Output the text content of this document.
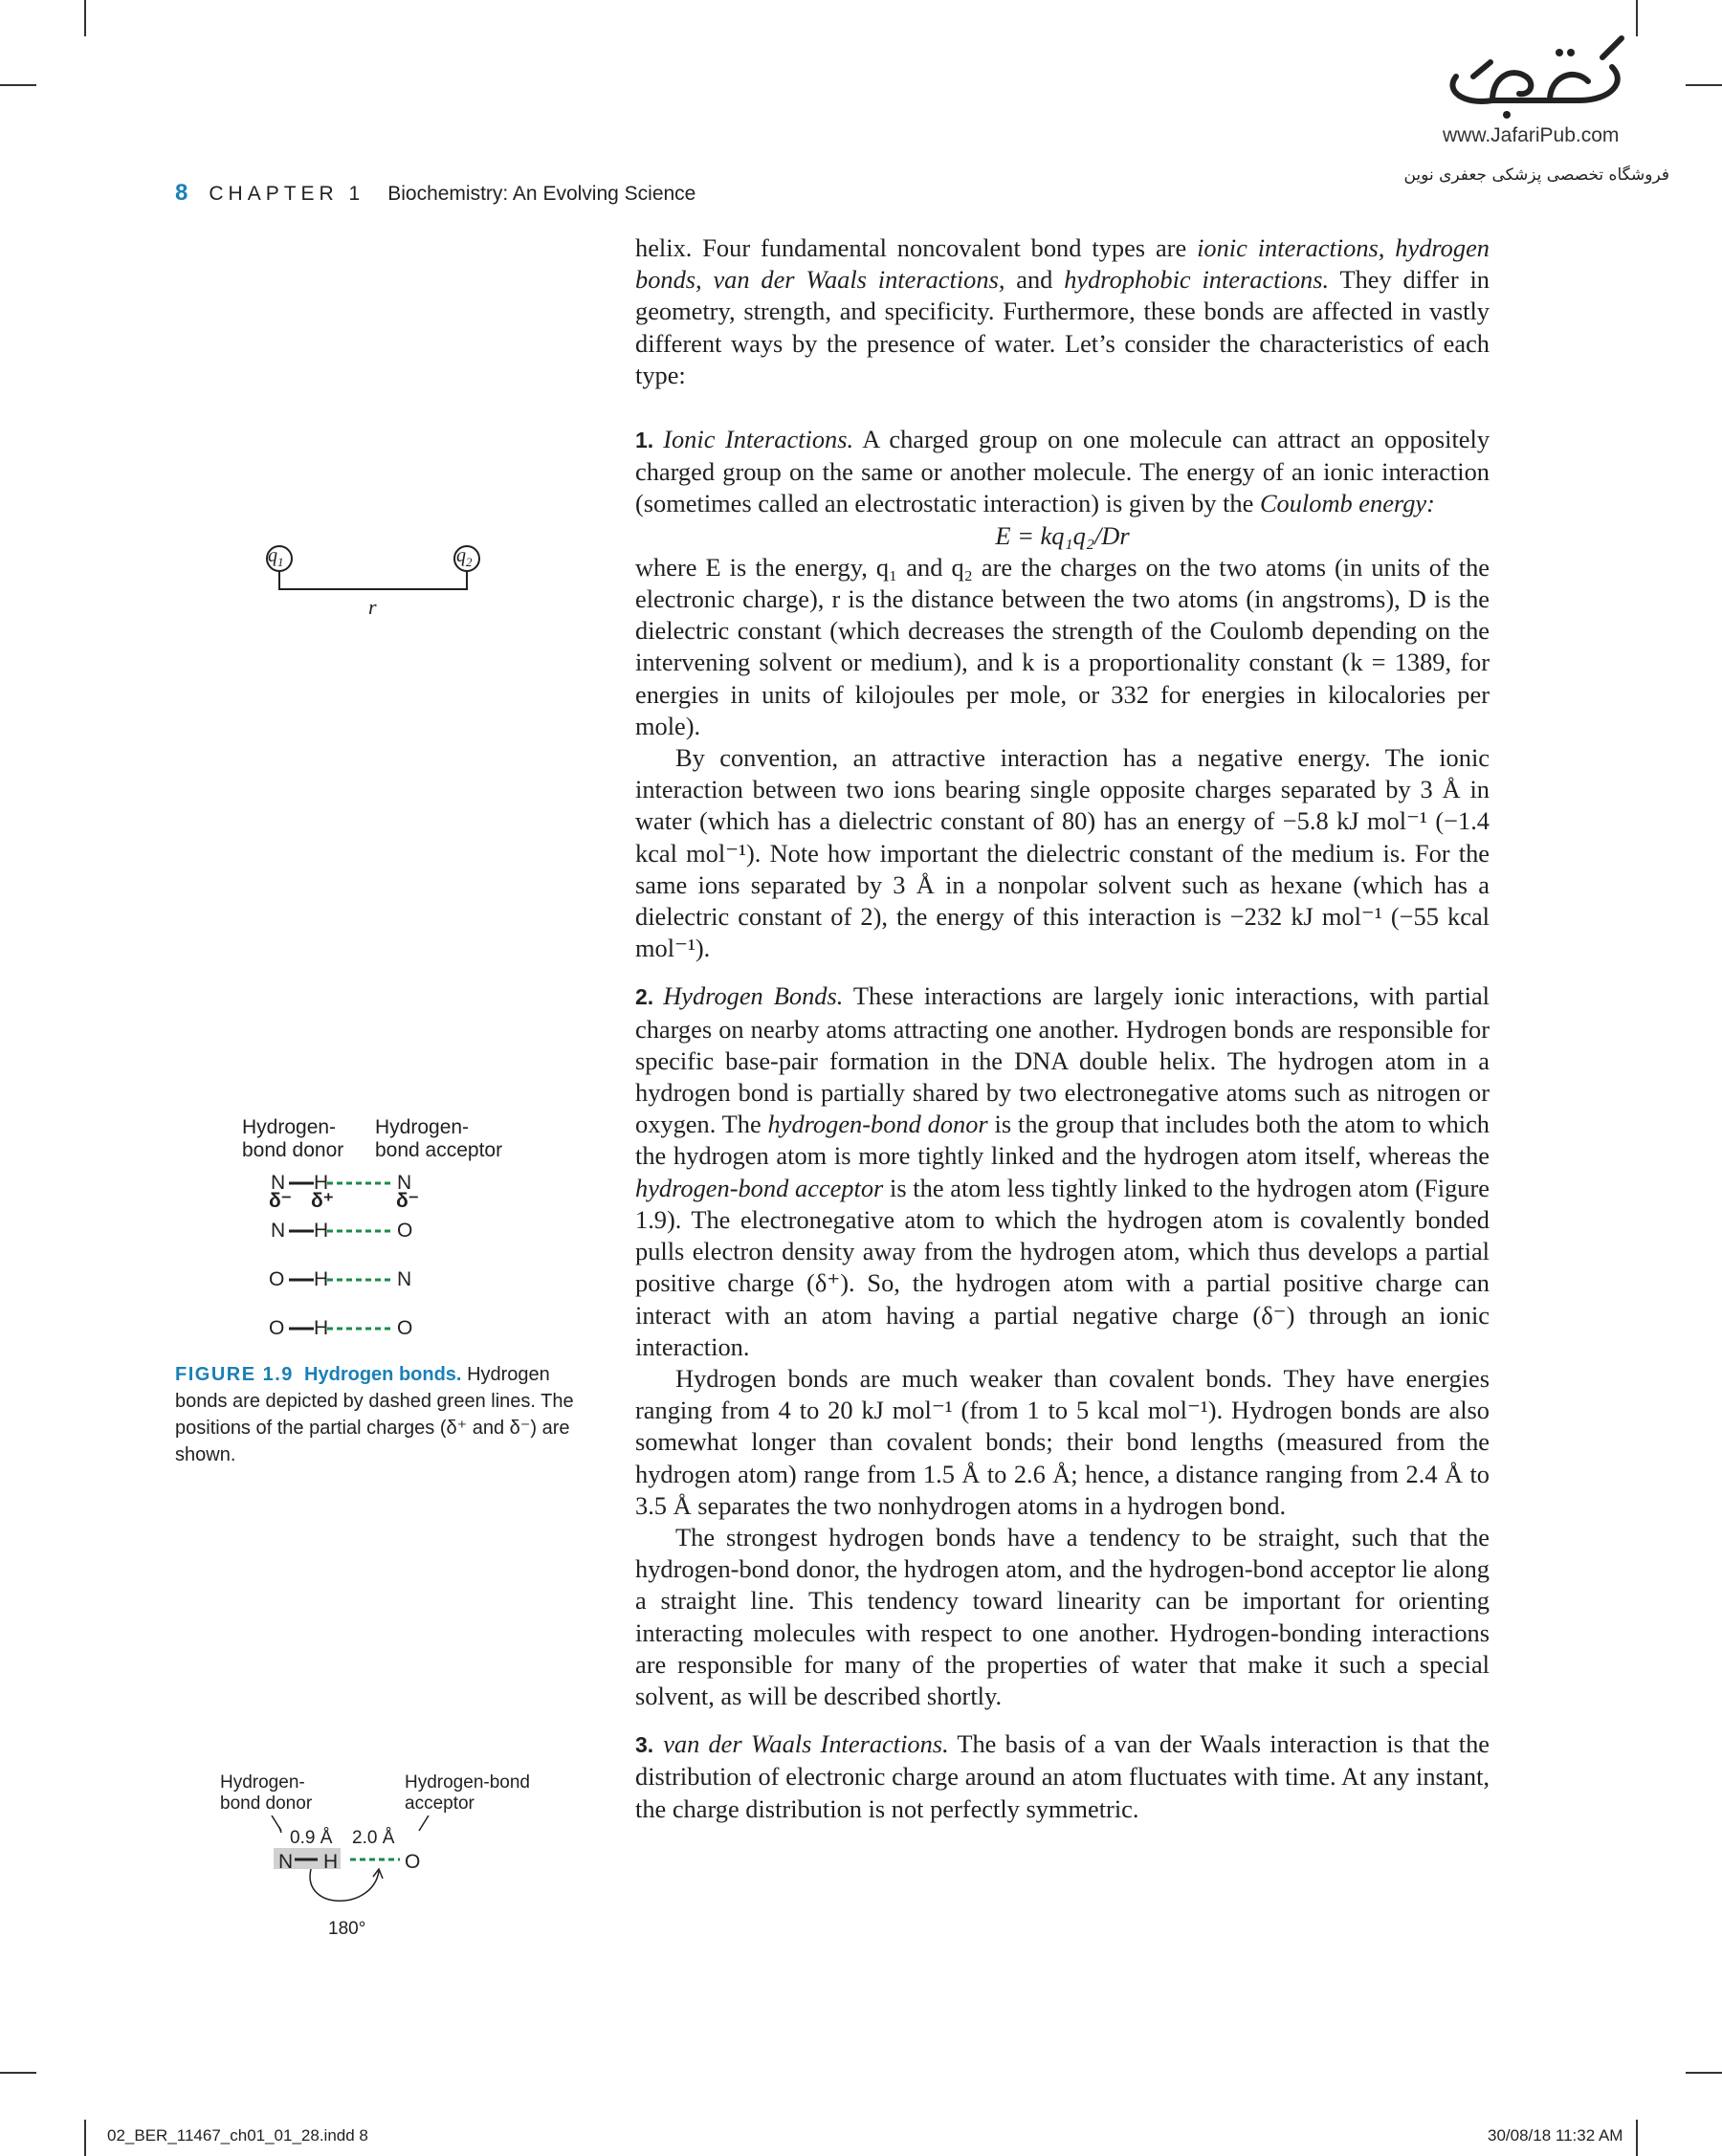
www.JafariPub.com
فروشگاه تخصصی پزشکی جعفری نوین
8 CHAPTER 1 Biochemistry: An Evolving Science
$q_1$	$q_2$
r
Hydrogen-
bond donor
Hydrogen-
bond acceptor
N H	N
δ⁻ δ⁺	δ⁻
N H	O
O H	N
O H	O
FIGURE 1.9 Hydrogen bonds. Hydrogen bonds are depicted by dashed green lines. The positions of the partial charges (δ⁺ and δ⁻) are shown.
Hydrogen-
bond donor
Hydrogen-bond
acceptor
0.9 Å 2.0 Å
N H	O
180°

helix. Four fundamental noncovalent bond types are ionic interactions, hydrogen bonds, van der Waals interactions, and hydrophobic interactions. They differ in geometry, strength, and specificity. Furthermore, these bonds are affected in vastly different ways by the presence of water. Let’s consider the characteristics of each type:

1. Ionic Interactions. A charged group on one molecule can attract an oppositely charged group on the same or another molecule. The energy of an ionic interaction (sometimes called an electrostatic interaction) is given by the Coulomb energy:

E = kq₁q₂/Dr

where E is the energy, q₁ and q₂ are the charges on the two atoms (in units of the electronic charge), r is the distance between the two atoms (in angstroms), D is the dielectric constant (which decreases the strength of the Coulomb depending on the intervening solvent or medium), and k is a proportionality constant (k = 1389, for energies in units of kilojoules per mole, or 332 for energies in kilocalories per mole).

By convention, an attractive interaction has a negative energy. The ionic interaction between two ions bearing single opposite charges separated by 3 Å in water (which has a dielectric constant of 80) has an energy of −5.8 kJ mol⁻¹ (−1.4 kcal mol⁻¹). Note how important the dielectric constant of the medium is. For the same ions separated by 3 Å in a nonpolar solvent such as hexane (which has a dielectric constant of 2), the energy of this interaction is −232 kJ mol⁻¹ (−55 kcal mol⁻¹).

2. Hydrogen Bonds. These interactions are largely ionic interactions, with partial charges on nearby atoms attracting one another. Hydrogen bonds are responsible for specific base-pair formation in the DNA double helix. The hydrogen atom in a hydrogen bond is partially shared by two electronegative atoms such as nitrogen or oxygen. The hydrogen-bond donor is the group that includes both the atom to which the hydrogen atom is more tightly linked and the hydrogen atom itself, whereas the hydrogen-bond acceptor is the atom less tightly linked to the hydrogen atom (Figure 1.9). The electronegative atom to which the hydrogen atom is covalently bonded pulls electron density away from the hydrogen atom, which thus develops a partial positive charge (δ⁺). So, the hydrogen atom with a partial positive charge can interact with an atom having a partial negative charge (δ⁻) through an ionic interaction.

Hydrogen bonds are much weaker than covalent bonds. They have energies ranging from 4 to 20 kJ mol⁻¹ (from 1 to 5 kcal mol⁻¹). Hydrogen bonds are also somewhat longer than covalent bonds; their bond lengths (measured from the hydrogen atom) range from 1.5 Å to 2.6 Å; hence, a distance ranging from 2.4 Å to 3.5 Å separates the two nonhydrogen atoms in a hydrogen bond.

The strongest hydrogen bonds have a tendency to be straight, such that the hydrogen-bond donor, the hydrogen atom, and the hydrogen-bond acceptor lie along a straight line. This tendency toward linearity can be important for orienting interacting molecules with respect to one another. Hydrogen-bonding interactions are responsible for many of the properties of water that make it such a special solvent, as will be described shortly.

3. van der Waals Interactions. The basis of a van der Waals interaction is that the distribution of electronic charge around an atom fluctuates with time. At any instant, the charge distribution is not perfectly symmetric.

02_BER_11467_ch01_01_28.indd 8	30/08/18 11:32 AM
